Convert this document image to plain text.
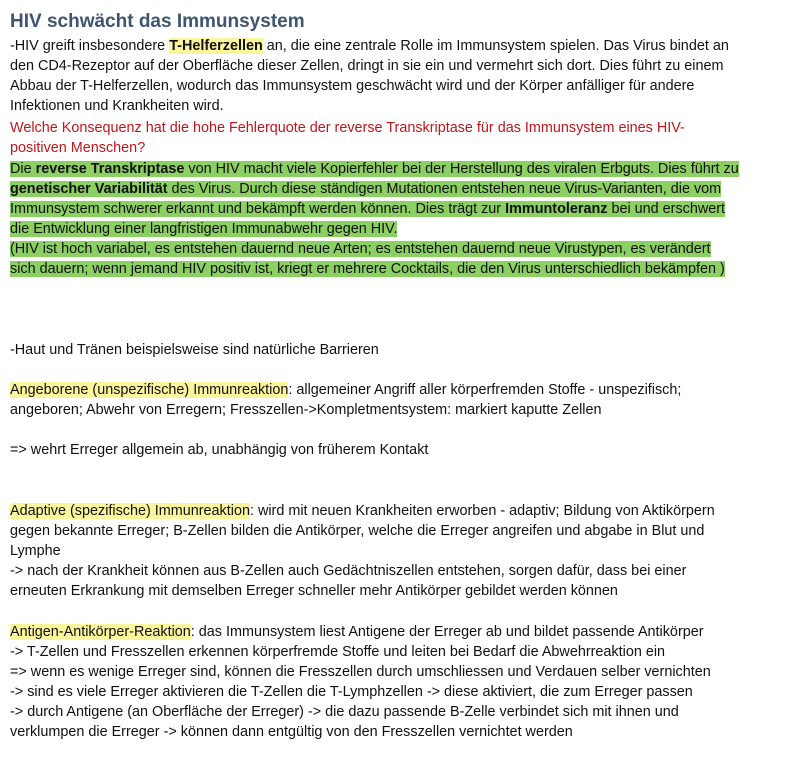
HIV schwächt das Immunsystem
-HIV greift insbesondere T-Helferzellen an, die eine zentrale Rolle im Immunsystem spielen. Das Virus bindet an
den CD4-Rezeptor auf der Oberfläche dieser Zellen, dringt in sie ein und vermehrt sich dort. Dies führt zu einem
Abbau der T-Helferzellen, wodurch das Immunsystem geschwächt wird und der Körper anfälliger für andere
Infektionen und Krankheiten wird.
Welche Konsequenz hat die hohe Fehlerquote der reverse Transkriptase für das Immunsystem eines HIV-
positiven Menschen?
Die reverse Transkriptase von HIV macht viele Kopierfehler bei der Herstellung des viralen Erbguts. Dies führt zu
genetischer Variabilität des Virus. Durch diese ständigen Mutationen entstehen neue Virus-Varianten, die vom
Immunsystem schwerer erkannt und bekämpft werden können. Dies trägt zur Immuntoleranz bei und erschwert
die Entwicklung einer langfristigen Immunabwehr gegen HIV.
(HIV ist hoch variabel, es entstehen dauernd neue Arten; es entstehen dauernd neue Virustypen, es verändert
sich dauern; wenn jemand HIV positiv ist, kriegt er mehrere Cocktails, die den Virus unterschiedlich bekämpfen )
-Haut und Tränen beispielsweise sind natürliche Barrieren
Angeborene (unspezifische) Immunreaktion: allgemeiner Angriff aller körperfremden Stoffe - unspezifisch;
angeboren; Abwehr von Erregern; Fresszellen->Kompletmentsystem: markiert kaputte Zellen
=> wehrt Erreger allgemein ab, unabhängig von früherem Kontakt
Adaptive (spezifische) Immunreaktion: wird mit neuen Krankheiten erworben - adaptiv; Bildung von Aktikörpern
gegen bekannte Erreger; B-Zellen bilden die Antikörper, welche die Erreger angreifen und abgabe in Blut und
Lymphe
-> nach der Krankheit können aus B-Zellen auch Gedächtniszellen entstehen, sorgen dafür, dass bei einer
erneuten Erkrankung mit demselben Erreger schneller mehr Antikörper gebildet werden können
Antigen-Antikörper-Reaktion: das Immunsystem liest Antigene der Erreger ab und bildet passende Antikörper
-> T-Zellen und Fresszellen erkennen körperfremde Stoffe und leiten bei Bedarf die Abwehrreaktion ein
=> wenn es wenige Erreger sind, können die Fresszellen durch umschliessen und Verdauen selber vernichten
-> sind es viele Erreger aktivieren die T-Zellen die T-Lymphzellen -> diese aktiviert, die zum Erreger passen
-> durch Antigene (an Oberfläche der Erreger) -> die dazu passende B-Zelle verbindet sich mit ihnen und
verklumpen die Erreger -> können dann entgültig von den Fresszellen vernichtet werden
